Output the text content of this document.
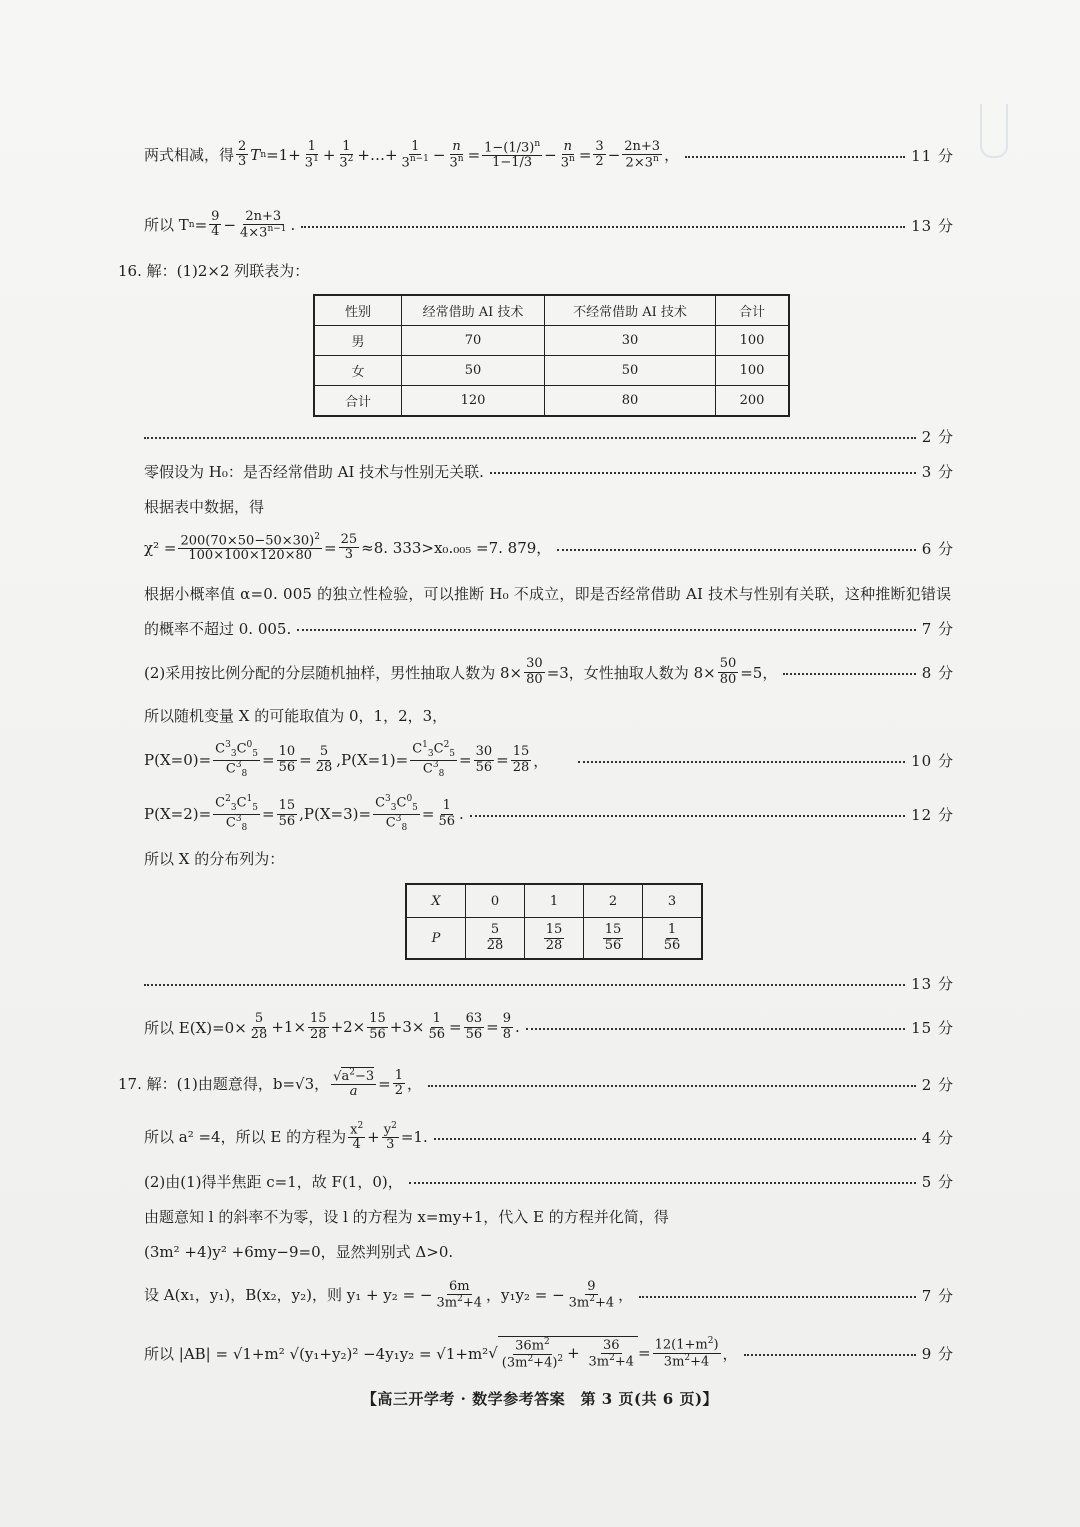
两式相减，得 $\frac{2}{3}$ T $n =1+ \frac{1}{3^1} + \frac{1}{3^2}$ +…+ $\frac{1}{3^{n-1}} - \frac{n}{3^n} = \frac{1-(1/3)^n}{1-1/3} - \frac{n}{3^n} = \frac{3}{2} - \frac{2n+3}{2\times 3^n}$ ，	11 分
所以 T $n = \frac{9}{4} - \frac{2n+3}{4\times 3^{n-1}}$ .	13 分
16. 解：(1)2×2 列联表为：
性别	经常借助 AI 技术	不经常借助 AI 技术	合计
男	70	30	100
女	50	50	100
合计	120	80	200
2 分
零假设为 H₀：是否经常借助 AI 技术与性别无关联.	3 分
根据表中数据，得
$\chi^2 = \frac{200(70\times 50-50\times 30)^2}{100\times 100\times 120\times 80} = \frac{25}{3} \approx 8$. 333>x₀.₀₀₅ =7. 879，	6 分
根据小概率值 α=0. 005 的独立性检验，可以推断 H₀ 不成立，即是否经常借助 AI 技术与性别有关联，这种推断犯错误
的概率不超过 0. 005.	7 分
(2)采用按比例分配的分层随机抽样，男性抽取人数为 $8\times \frac{30}{80} =3$，女性抽取人数为 $8\times \frac{50}{80} =5$，	8 分
所以随机变量 X 的可能取值为 0，1，2，3，
$P(X=0)= \frac{C^3_3C^0_5}{C^3_8} = \frac{10}{56} = \frac{5}{28} ,P(X=1)= \frac{C^1_3C^2_5}{C^3_8} = \frac{30}{56} = \frac{15}{28}$ ，	10 分
$P(X=2)= \frac{C^2_3C^1_5}{C^3_8} = \frac{15}{56} ,P(X=3)= \frac{C^3_3C^0_5}{C^3_8} = \frac{1}{56}$ .	12 分
所以 X 的分布列为：
X	0	1	2	3
P	$\frac{5}{28}$	$\frac{15}{28}$	$\frac{15}{56}$	$\frac{1}{56}$
13 分
所以 $E(X)=0\times \frac{5}{28} +1\times \frac{15}{28} +2\times \frac{15}{56} +3\times \frac{1}{56} = \frac{63}{56} = \frac{9}{8}$ .	15 分
17. 解：(1)由题意得，b=√3， $\frac{√a^2-3}{a} = \frac{1}{2}$ ，	2 分
所以 a² =4，所以 E 的方程为 $\frac{x^2}{4} + \frac{y^2}{3} =1$.	4 分
(2)由(1)得半焦距 c=1，故 F(1，0)，	5 分
由题意知 l 的斜率不为零，设 l 的方程为 x=my+1，代入 E 的方程并化简，得
(3m² +4)y² +6my−9=0，显然判别式 Δ>0.
设 A(x₁，y₁)，B(x₂，y₂)，则 y₁ + y₂ = − $\frac{6m}{3m^2+4}$ ，y₁y₂ = − $\frac{9}{3m^2+4}$ ，	7 分
所以 |AB| = √1+m² √(y₁+y₂)² −4y₁y₂ = √1+m² √ $\frac{36m^2}{(3m^2+4)^2} + \frac{36}{3m^2+4} = \frac{12(1+m^2)}{3m^2+4}$ ，	9 分
【高三开学考 · 数学参考答案　第 3 页(共 6 页)】
